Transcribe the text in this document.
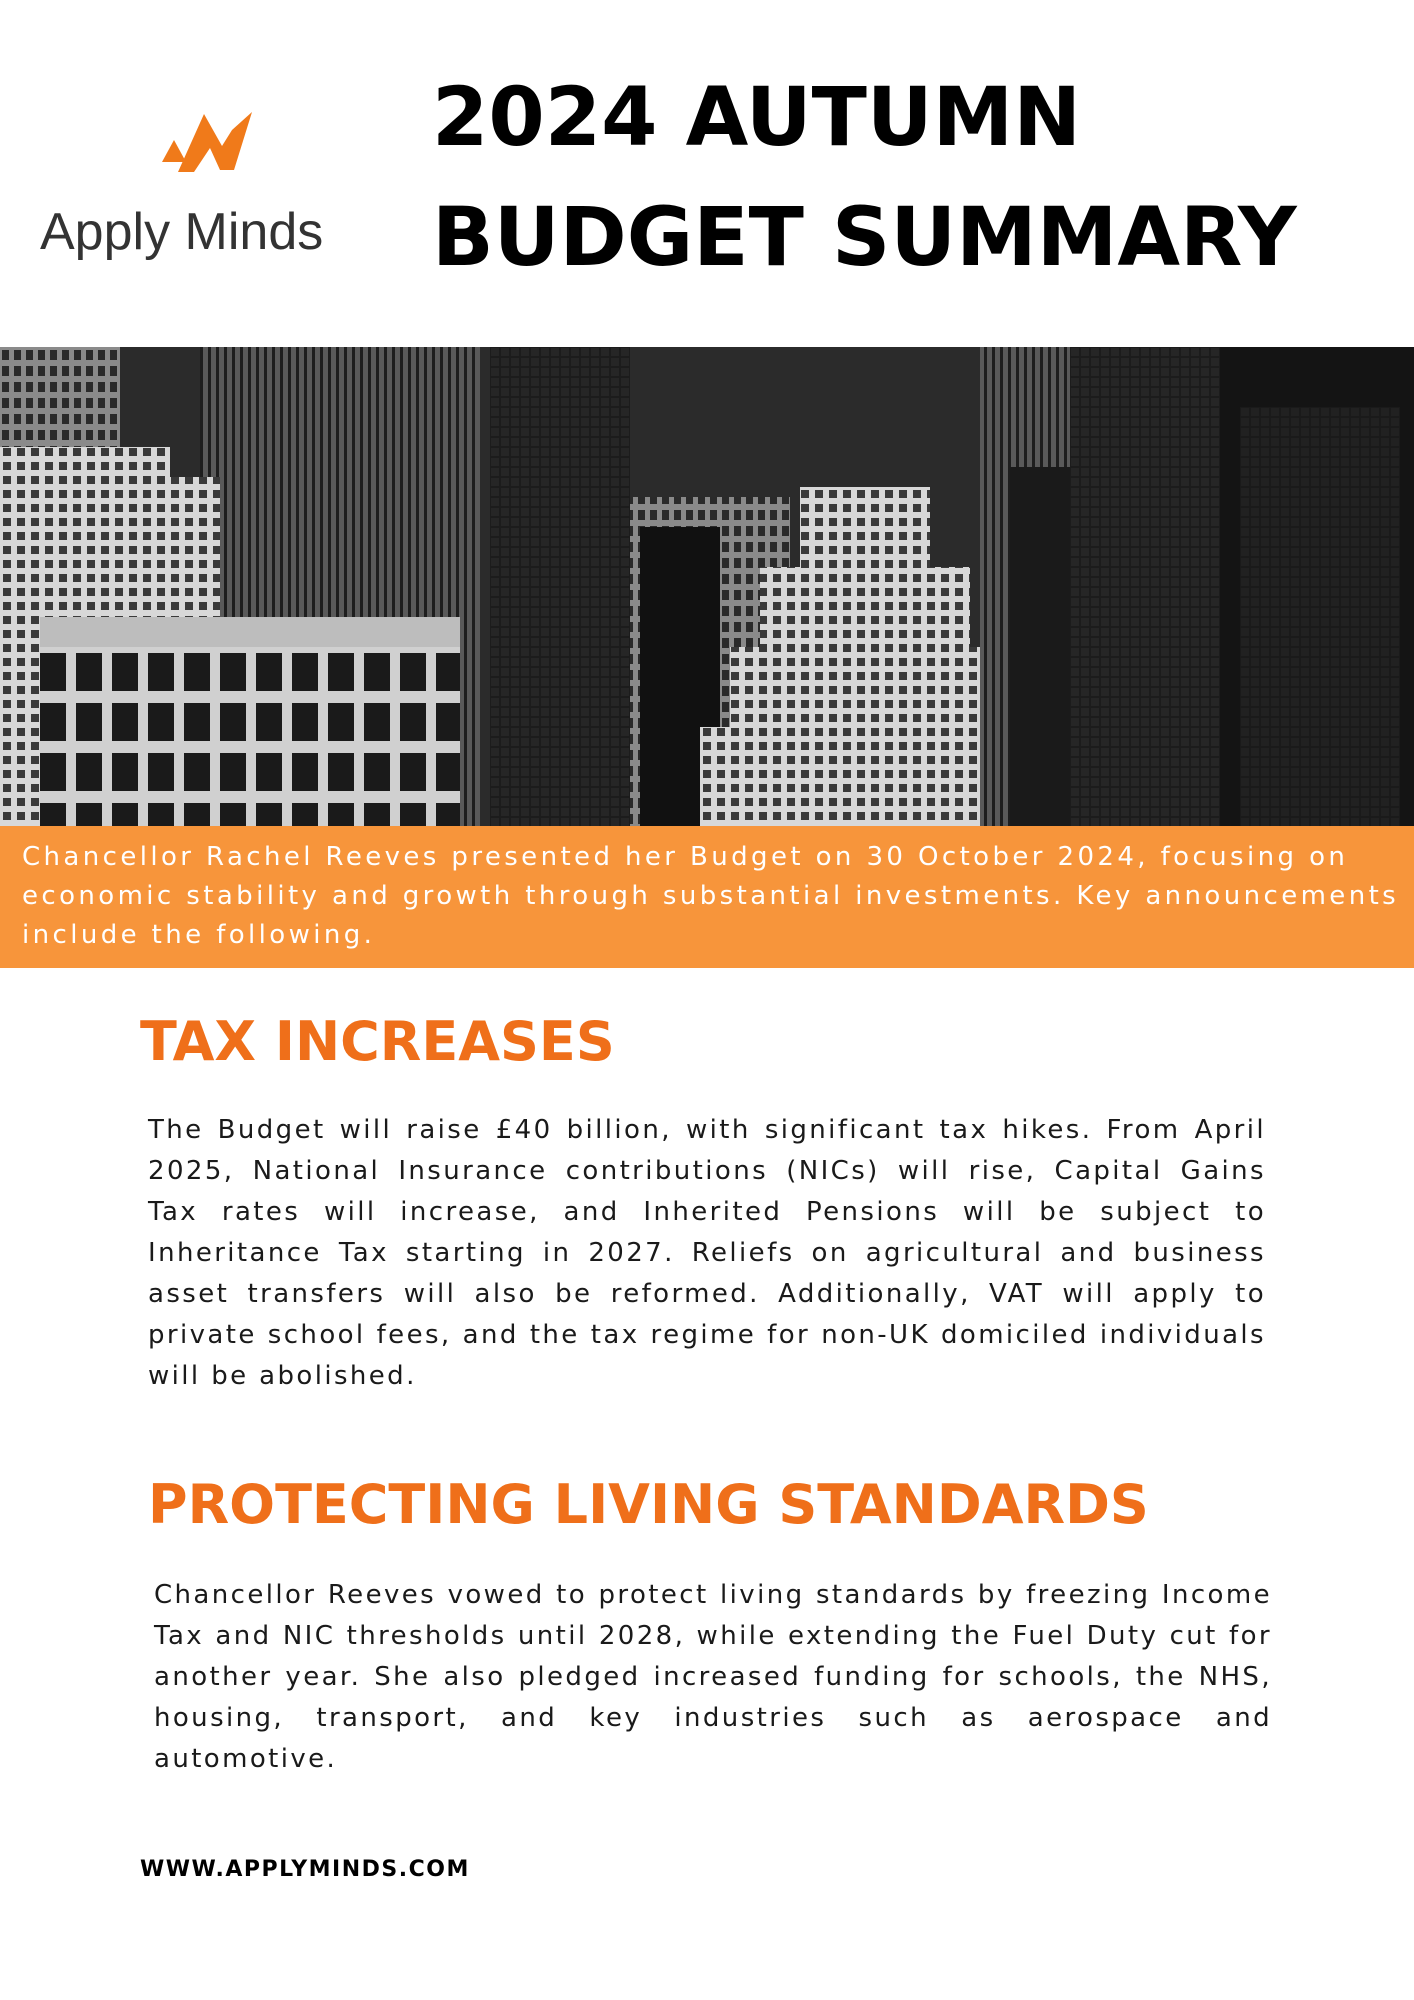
Apply Minds
2024 AUTUMN
BUDGET SUMMARY
Chancellor Rachel Reeves presented her Budget on 30 October 2024, focusing on economic stability and growth through substantial investments. Key announcements include the following.
TAX INCREASES

The Budget will raise £40 billion, with significant tax hikes. From April 2025, National Insurance contributions (NICs) will rise, Capital Gains Tax rates will increase, and Inherited Pensions will be subject to Inheritance Tax starting in 2027. Reliefs on agricultural and business asset transfers will also be reformed. Additionally, VAT will apply to private school fees, and the tax regime for non-UK domiciled individuals will be abolished.

PROTECTING LIVING STANDARDS

Chancellor Reeves vowed to protect living standards by freezing Income Tax and NIC thresholds until 2028, while extending the Fuel Duty cut for another year. She also pledged increased funding for schools, the NHS, housing, transport, and key industries such as aerospace and automotive.

WWW.APPLYMINDS.COM
